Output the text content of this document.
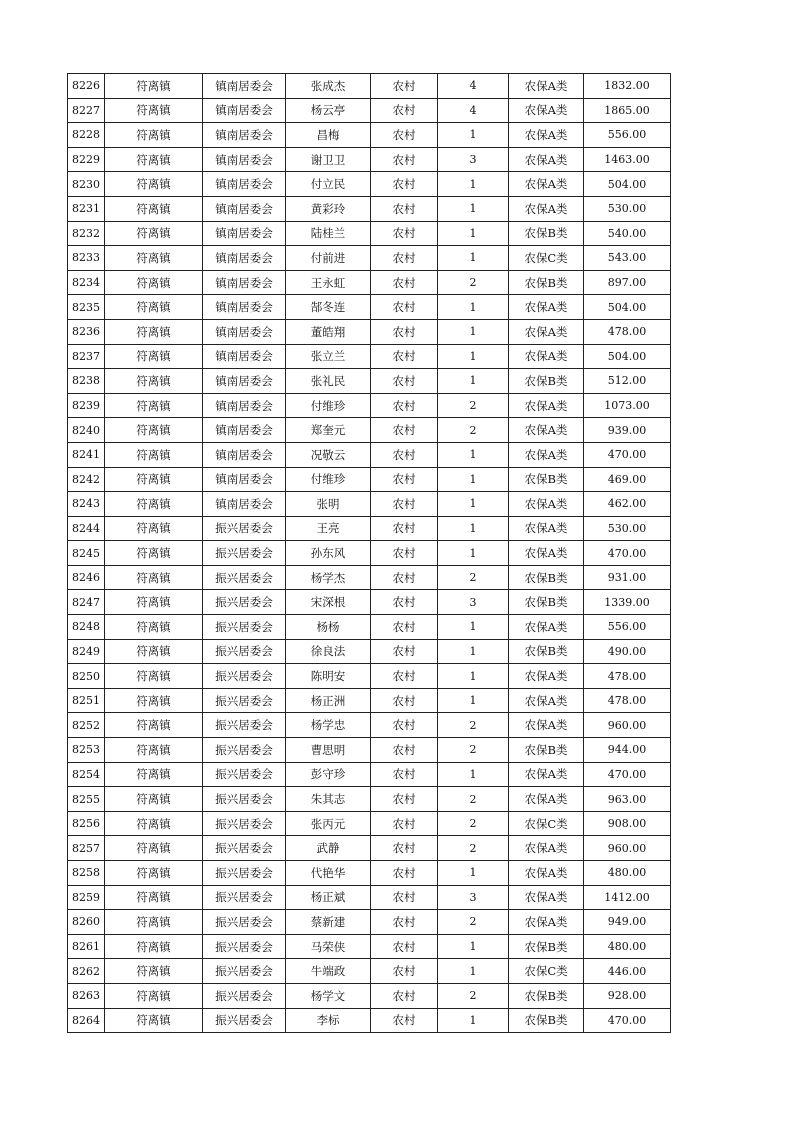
8226	符离镇	镇南居委会	张成杰	农村	4	农保A类	1832.00
8227	符离镇	镇南居委会	杨云亭	农村	4	农保A类	1865.00
8228	符离镇	镇南居委会	昌梅	农村	1	农保A类	556.00
8229	符离镇	镇南居委会	谢卫卫	农村	3	农保A类	1463.00
8230	符离镇	镇南居委会	付立民	农村	1	农保A类	504.00
8231	符离镇	镇南居委会	黄彩玲	农村	1	农保A类	530.00
8232	符离镇	镇南居委会	陆桂兰	农村	1	农保B类	540.00
8233	符离镇	镇南居委会	付前进	农村	1	农保C类	543.00
8234	符离镇	镇南居委会	王永虹	农村	2	农保B类	897.00
8235	符离镇	镇南居委会	郜冬连	农村	1	农保A类	504.00
8236	符离镇	镇南居委会	董皓翔	农村	1	农保A类	478.00
8237	符离镇	镇南居委会	张立兰	农村	1	农保A类	504.00
8238	符离镇	镇南居委会	张礼民	农村	1	农保B类	512.00
8239	符离镇	镇南居委会	付维珍	农村	2	农保A类	1073.00
8240	符离镇	镇南居委会	郑奎元	农村	2	农保A类	939.00
8241	符离镇	镇南居委会	况敬云	农村	1	农保A类	470.00
8242	符离镇	镇南居委会	付维珍	农村	1	农保B类	469.00
8243	符离镇	镇南居委会	张明	农村	1	农保A类	462.00
8244	符离镇	振兴居委会	王亮	农村	1	农保A类	530.00
8245	符离镇	振兴居委会	孙东风	农村	1	农保A类	470.00
8246	符离镇	振兴居委会	杨学杰	农村	2	农保B类	931.00
8247	符离镇	振兴居委会	宋深根	农村	3	农保B类	1339.00
8248	符离镇	振兴居委会	杨杨	农村	1	农保A类	556.00
8249	符离镇	振兴居委会	徐良法	农村	1	农保B类	490.00
8250	符离镇	振兴居委会	陈明安	农村	1	农保A类	478.00
8251	符离镇	振兴居委会	杨正洲	农村	1	农保A类	478.00
8252	符离镇	振兴居委会	杨学忠	农村	2	农保A类	960.00
8253	符离镇	振兴居委会	曹思明	农村	2	农保B类	944.00
8254	符离镇	振兴居委会	彭守珍	农村	1	农保A类	470.00
8255	符离镇	振兴居委会	朱其志	农村	2	农保A类	963.00
8256	符离镇	振兴居委会	张丙元	农村	2	农保C类	908.00
8257	符离镇	振兴居委会	武静	农村	2	农保A类	960.00
8258	符离镇	振兴居委会	代艳华	农村	1	农保A类	480.00
8259	符离镇	振兴居委会	杨正斌	农村	3	农保A类	1412.00
8260	符离镇	振兴居委会	蔡新建	农村	2	农保A类	949.00
8261	符离镇	振兴居委会	马荣侠	农村	1	农保B类	480.00
8262	符离镇	振兴居委会	牛端政	农村	1	农保C类	446.00
8263	符离镇	振兴居委会	杨学文	农村	2	农保B类	928.00
8264	符离镇	振兴居委会	李标	农村	1	农保B类	470.00
